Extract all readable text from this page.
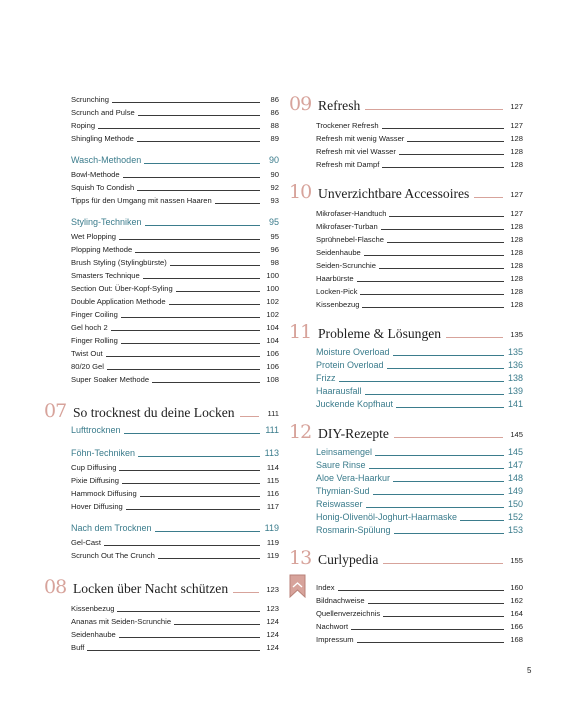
Scrunching	86
Scrunch and Pulse	86
Roping	88
Shingling Methode	89
Wasch-Methoden	90
Bowl-Methode	90
Squish To Condish	92
Tipps für den Umgang mit nassen Haaren	93
Styling-Techniken	95
Wet Plopping	95
Plopping Methode	96
Brush Styling (Stylingbürste)	98
Smasters Technique	100
Section Out: Über-Kopf-Syling	100
Double Application Methode	102
Finger Coiling	102
Gel hoch 2	104
Finger Rolling	104
Twist Out	106
80/20 Gel	106
Super Soaker Methode	108
07 So trocknest du deine Locken	111
Lufttrocknen	111
Föhn-Techniken	113
Cup Diffusing	114
Pixie Diffusing	115
Hammock Diffusing	116
Hover Diffusing	117
Nach dem Trocknen	119
Gel-Cast	119
Scrunch Out The Crunch	119
08 Locken über Nacht schützen	123
Kissenbezug	123
Ananas mit Seiden-Scrunchie	124
Seidenhaube	124
Buff	124
09 Refresh	127
Trockener Refresh	127
Refresh mit wenig Wasser	128
Refresh mit viel Wasser	128
Refresh mit Dampf	128
10 Unverzichtbare Accessoires	127
Mikrofaser-Handtuch	127
Mikrofaser-Turban	128
Sprühnebel-Flasche	128
Seidenhaube	128
Seiden-Scrunchie	128
Haarbürste	128
Locken-Pick	128
Kissenbezug	128
11 Probleme & Lösungen	135
Moisture Overload	135
Protein Overload	136
Frizz	138
Haarausfall	139
Juckende Kopfhaut	141
12 DIY-Rezepte	145
Leinsamengel	145
Saure Rinse	147
Aloe Vera-Haarkur	148
Thymian-Sud	149
Reiswasser	150
Honig-Olivenöl-Joghurt-Haarmaske	152
Rosmarin-Spülung	153
13 Curlypedia	155
Index	160
Bildnachweise	162
Quellenverzeichnis	164
Nachwort	166
Impressum	168
5
